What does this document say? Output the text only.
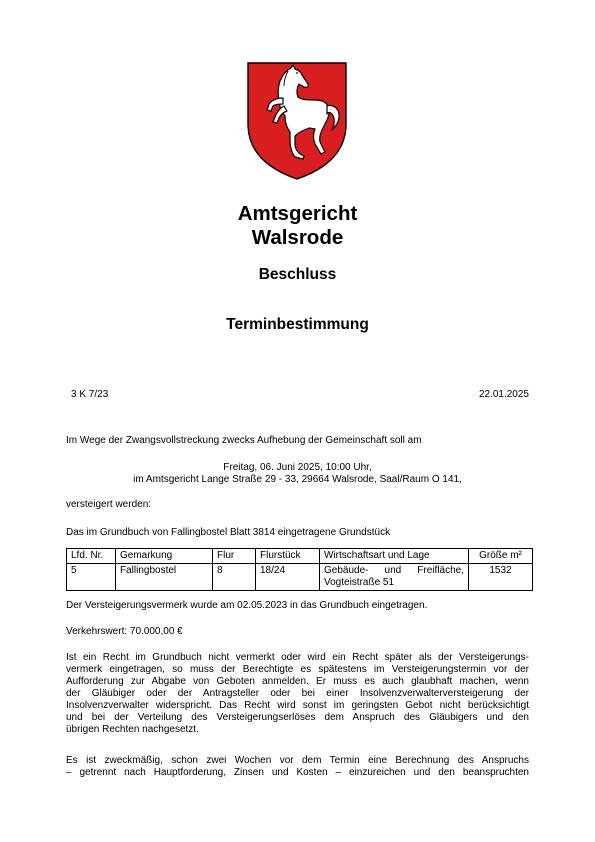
Amtsgericht
Walsrode
Beschluss
Terminbestimmung
3 K 7/23	22.01.2025
Im Wege der Zwangsvollstreckung zwecks Aufhebung der Gemeinschaft soll am
Freitag, 06. Juni 2025, 10:00 Uhr,
im Amtsgericht Lange Straße 29 - 33, 29664 Walsrode, Saal/Raum O 141,
versteigert werden:
Das im Grundbuch von Fallingbostel Blatt 3814 eingetragene Grundstück
Lfd. Nr.	Gemarkung	Flur	Flurstück	Wirtschaftsart und Lage	Größe m²
5	Fallingbostel	8	18/24	Gebäude- und Freifläche,
Vogteistraße 51	1532
Der Versteigerungsvermerk wurde am 02.05.2023 in das Grundbuch eingetragen.
Verkehrswert: 70.000,00 €
Ist ein Recht im Grundbuch nicht vermerkt oder wird ein Recht später als der Versteigerungs-
vermerk eingetragen, so muss der Berechtigte es spätestens im Versteigerungstermin vor der
Aufforderung zur Abgabe von Geboten anmelden. Er muss es auch glaubhaft machen, wenn
der Gläubiger oder der Antragsteller oder bei einer Insolvenzverwalterversteigerung der
Insolvenzverwalter widerspricht. Das Recht wird sonst im geringsten Gebot nicht berücksichtigt
und bei der Verteilung des Versteigerungserlöses dem Anspruch des Gläubigers und den
übrigen Rechten nachgesetzt.
Es ist zweckmäßig, schon zwei Wochen vor dem Termin eine Berechnung des Anspruchs
– getrennt nach Hauptforderung, Zinsen und Kosten – einzureichen und den beanspruchten
